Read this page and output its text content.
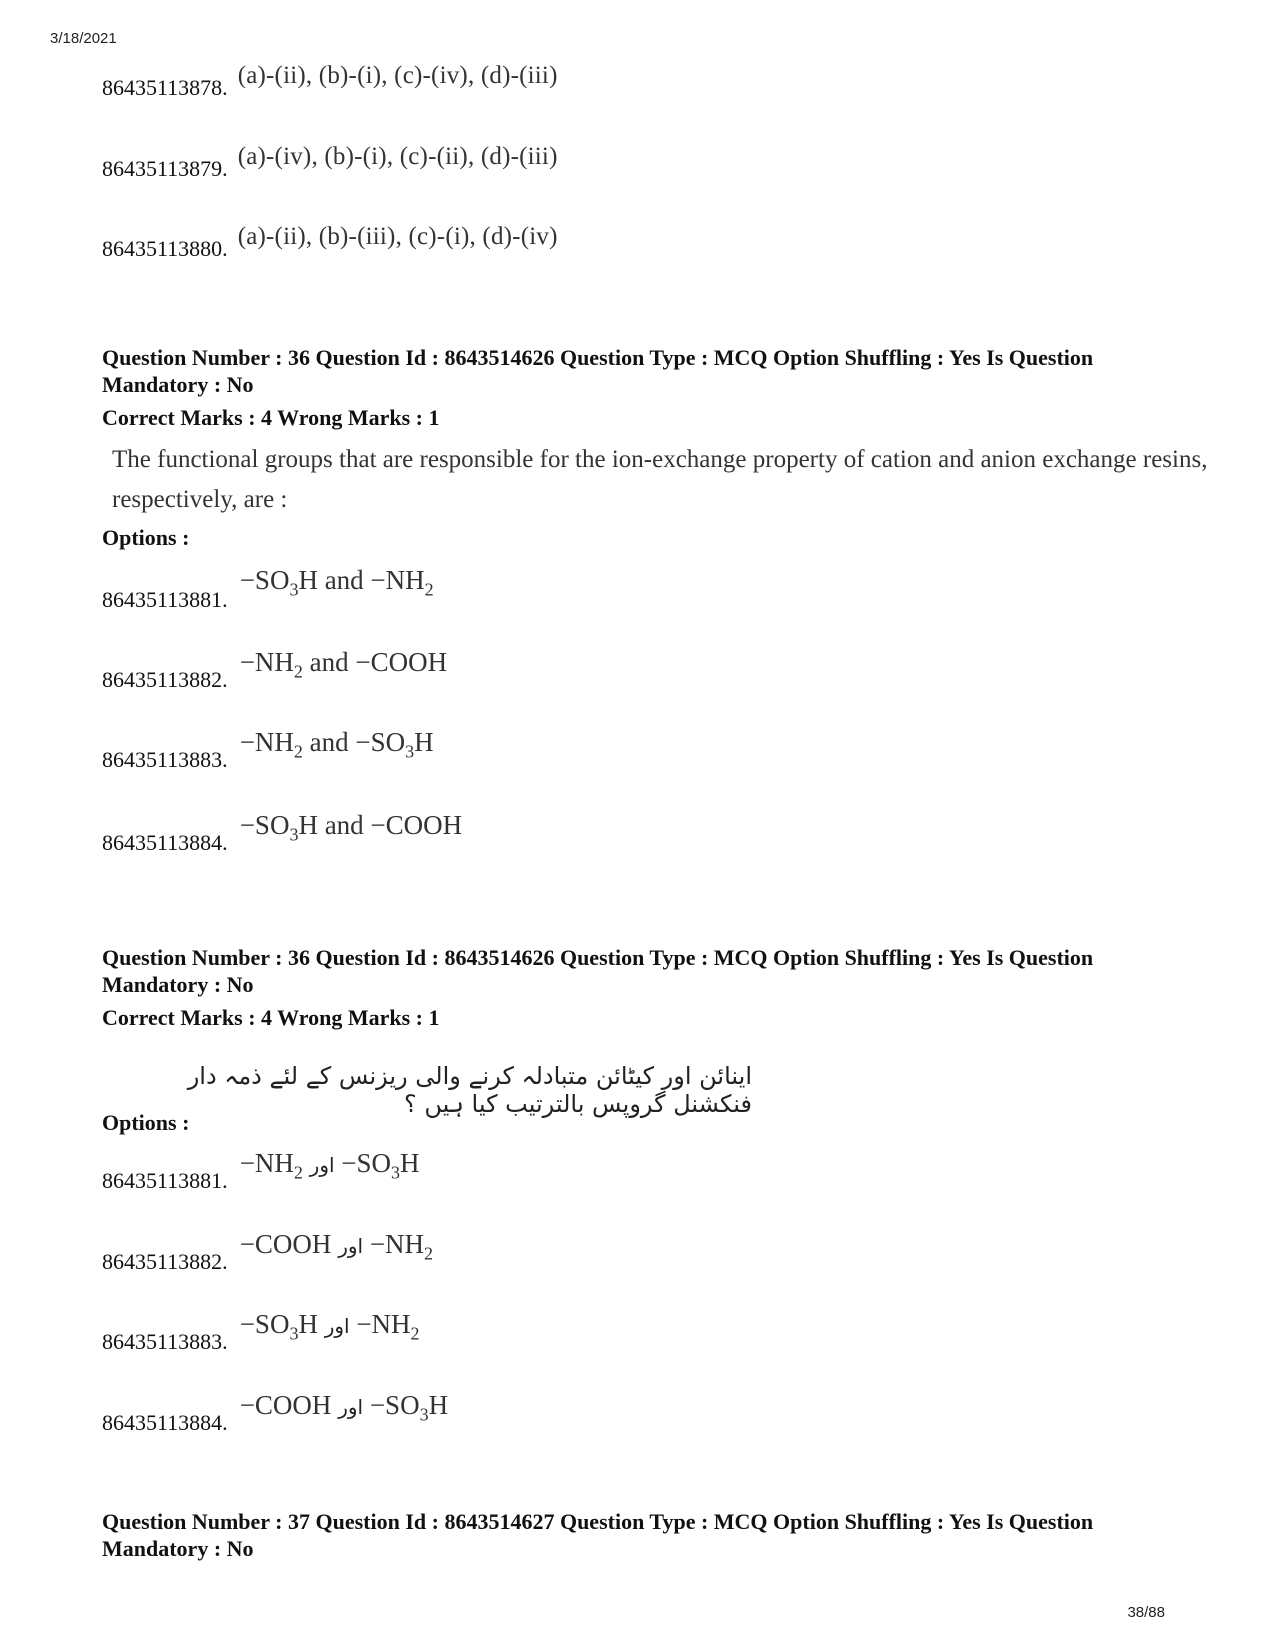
3/18/2021
38/88
86435113878. (a)-(ii), (b)-(i), (c)-(iv), (d)-(iii)
86435113879. (a)-(iv), (b)-(i), (c)-(ii), (d)-(iii)
86435113880. (a)-(ii), (b)-(iii), (c)-(i), (d)-(iv)
Question Number : 36 Question Id : 8643514626 Question Type : MCQ Option Shuffling : Yes Is Question Mandatory : No
Correct Marks : 4 Wrong Marks : 1
The functional groups that are responsible for the ion-exchange property of cation and anion exchange resins, respectively, are :
Options :
86435113881. $-SO_3H$ and $-NH_2$
86435113882. $-NH_2$ and −COOH
86435113883. $-NH_2$ and $-SO_3H$
86435113884. $-SO_3H$ and −COOH
Question Number : 36 Question Id : 8643514626 Question Type : MCQ Option Shuffling : Yes Is Question Mandatory : No
Correct Marks : 4 Wrong Marks : 1
اینائن اور کیٹائن متبادلہ کرنے والی ریزنس کے لئے ذمہ دار فنکشنل گروپس بالترتیب کیا ہیں ؟
Options :
86435113881. $-NH_2$ اور $-SO_3H$
86435113882. −COOH اور $-NH_2$
86435113883. $-SO_3H$ اور $-NH_2$
86435113884. −COOH اور $-SO_3H$
Question Number : 37 Question Id : 8643514627 Question Type : MCQ Option Shuffling : Yes Is Question Mandatory : No
